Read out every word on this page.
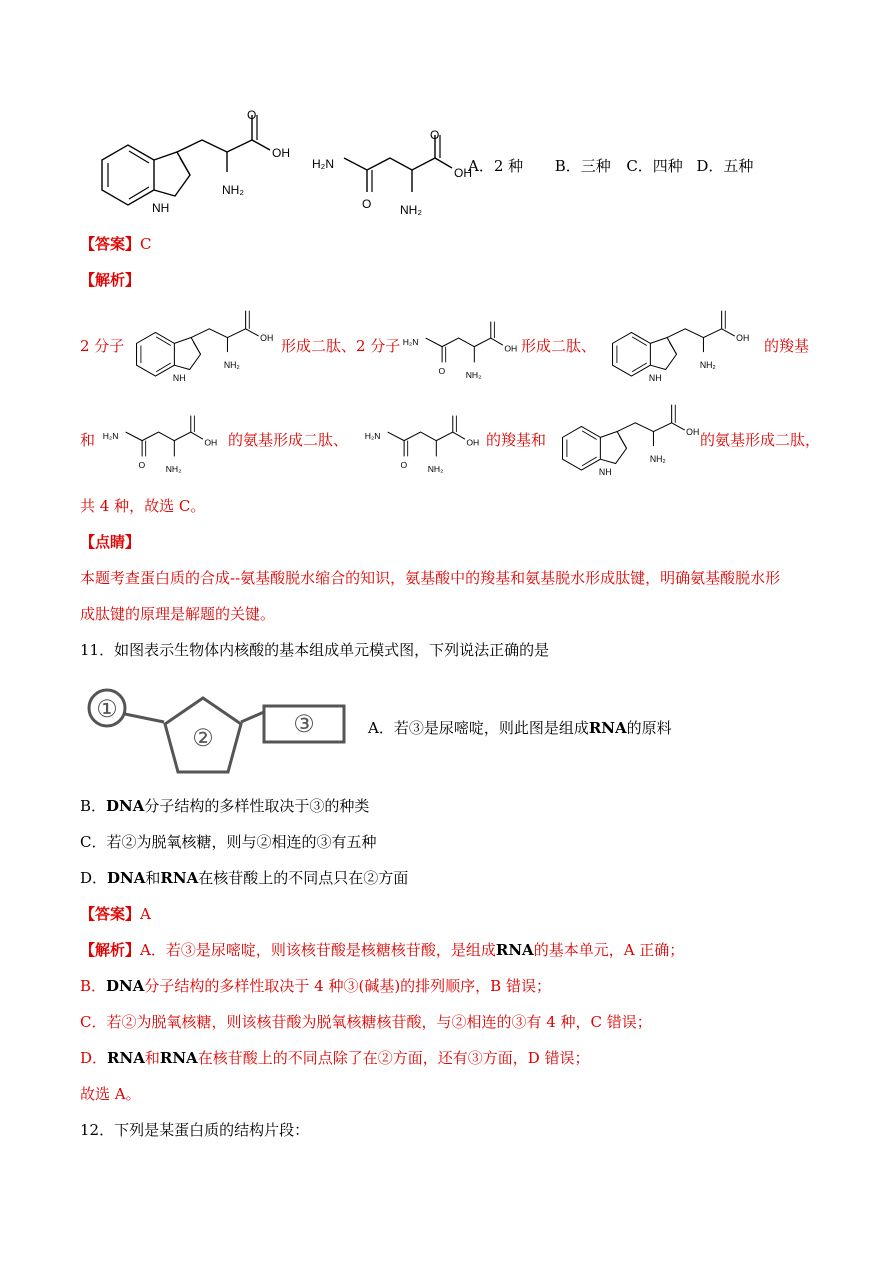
OH
NH₂
NH
O
H₂N
OH
O NH₂
O
A．2 种 B．三种 C．四种 D．五种
【答案】C
【解析】
2 分子	OH
NH₂
NH
形成二肽、2 分子 H₂N
OH
O NH₂
形成二肽、	OH
NH₂
NH
的羧基
和 H₂N
OH
O NH₂
的氨基形成二肽、 H₂N
OH
O NH₂
的羧基和	OH
NH₂
NH
的氨基形成二肽，
共 4 种，故选 C。
【点睛】
本题考查蛋白质的合成--氨基酸脱水缩合的知识，氨基酸中的羧基和氨基脱水形成肽键，明确氨基酸脱水形
成肽键的原理是解题的关键。
11．如图表示生物体内核酸的基本组成单元模式图，下列说法正确的是
①
②
③	A．若③是尿嘧啶，则此图是组成RNA的原料
B．DNA分子结构的多样性取决于③的种类
C．若②为脱氧核糖，则与②相连的③有五种
D．DNA和RNA在核苷酸上的不同点只在②方面
【答案】A
【解析】A．若③是尿嘧啶，则该核苷酸是核糖核苷酸，是组成RNA的基本单元，A 正确；
B．DNA分子结构的多样性取决于 4 种③(碱基)的排列顺序，B 错误；
C．若②为脱氧核糖，则该核苷酸为脱氧核糖核苷酸，与②相连的③有 4 种，C 错误；
D．RNA和RNA在核苷酸上的不同点除了在②方面，还有③方面，D 错误；
故选 A。
12．下列是某蛋白质的结构片段：
